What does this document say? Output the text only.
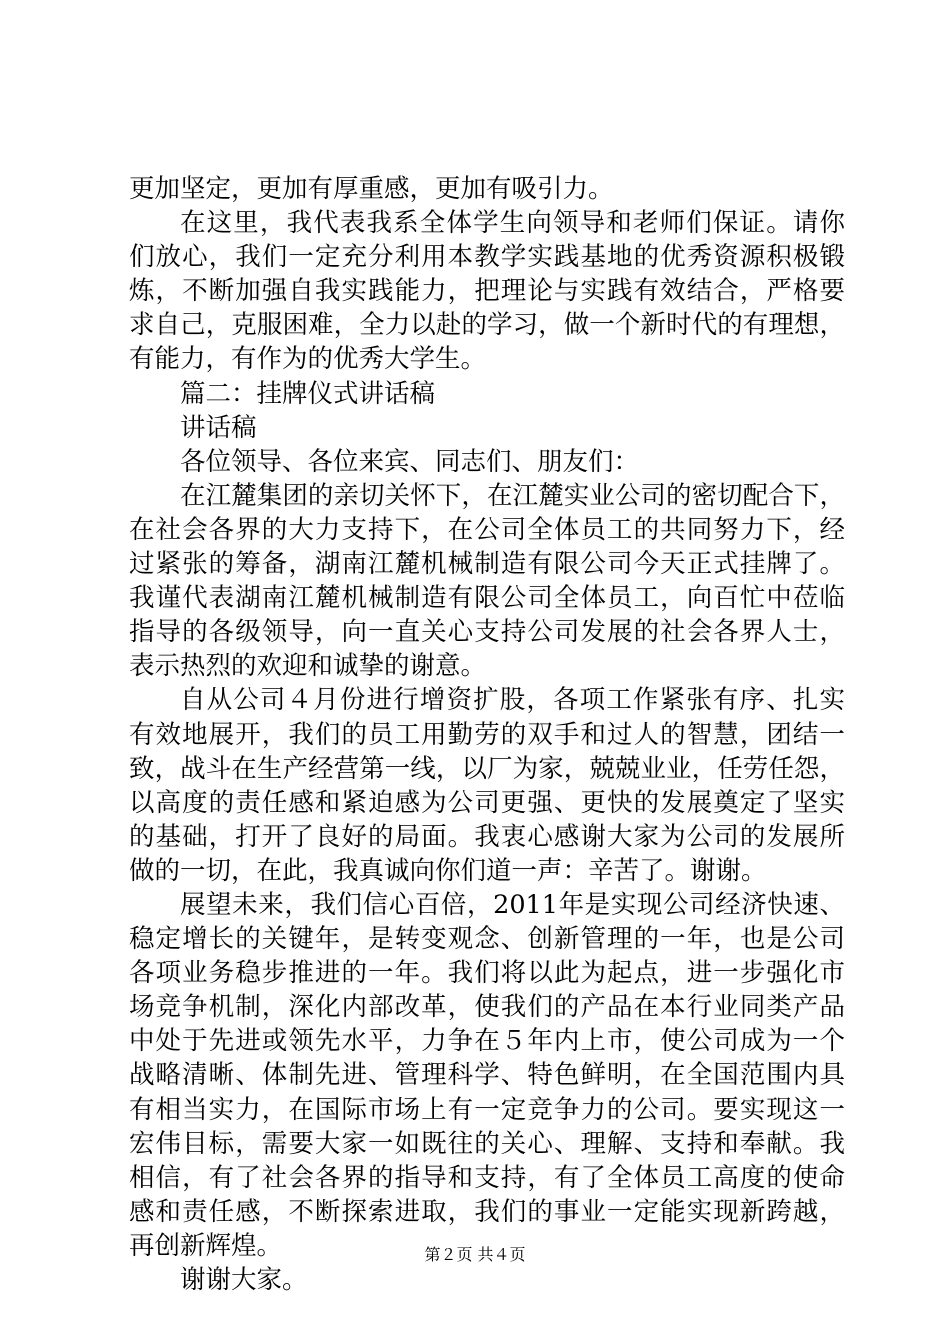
更加坚定，更加有厚重感，更加有吸引力。
在这里，我代表我系全体学生向领导和老师们保证。请你
们放心，我们一定充分利用本教学实践基地的优秀资源积极锻
炼，不断加强自我实践能力，把理论与实践有效结合，严格要
求自己，克服困难，全力以赴的学习，做一个新时代的有理想，
有能力，有作为的优秀大学生。
篇二：挂牌仪式讲话稿
讲话稿
各位领导、各位来宾、同志们、朋友们：
在江麓集团的亲切关怀下，在江麓实业公司的密切配合下，
在社会各界的大力支持下，在公司全体员工的共同努力下，经
过紧张的筹备，湖南江麓机械制造有限公司今天正式挂牌了。
我谨代表湖南江麓机械制造有限公司全体员工，向百忙中莅临
指导的各级领导，向一直关心支持公司发展的社会各界人士，
表示热烈的欢迎和诚挚的谢意。
自从公司４月份进行增资扩股，各项工作紧张有序、扎实
有效地展开，我们的员工用勤劳的双手和过人的智慧，团结一
致，战斗在生产经营第一线，以厂为家，兢兢业业，任劳任怨，
以高度的责任感和紧迫感为公司更强、更快的发展奠定了坚实
的基础，打开了良好的局面。我衷心感谢大家为公司的发展所
做的一切，在此，我真诚向你们道一声：辛苦了。谢谢。
展望未来，我们信心百倍，2011年是实现公司经济快速、
稳定增长的关键年，是转变观念、创新管理的一年，也是公司
各项业务稳步推进的一年。我们将以此为起点，进一步强化市
场竞争机制，深化内部改革，使我们的产品在本行业同类产品
中处于先进或领先水平，力争在５年内上市，使公司成为一个
战略清晰、体制先进、管理科学、特色鲜明，在全国范围内具
有相当实力，在国际市场上有一定竞争力的公司。要实现这一
宏伟目标，需要大家一如既往的关心、理解、支持和奉献。我
相信，有了社会各界的指导和支持，有了全体员工高度的使命
感和责任感，不断探索进取，我们的事业一定能实现新跨越，
再创新辉煌。
谢谢大家。
第２页 共４页
